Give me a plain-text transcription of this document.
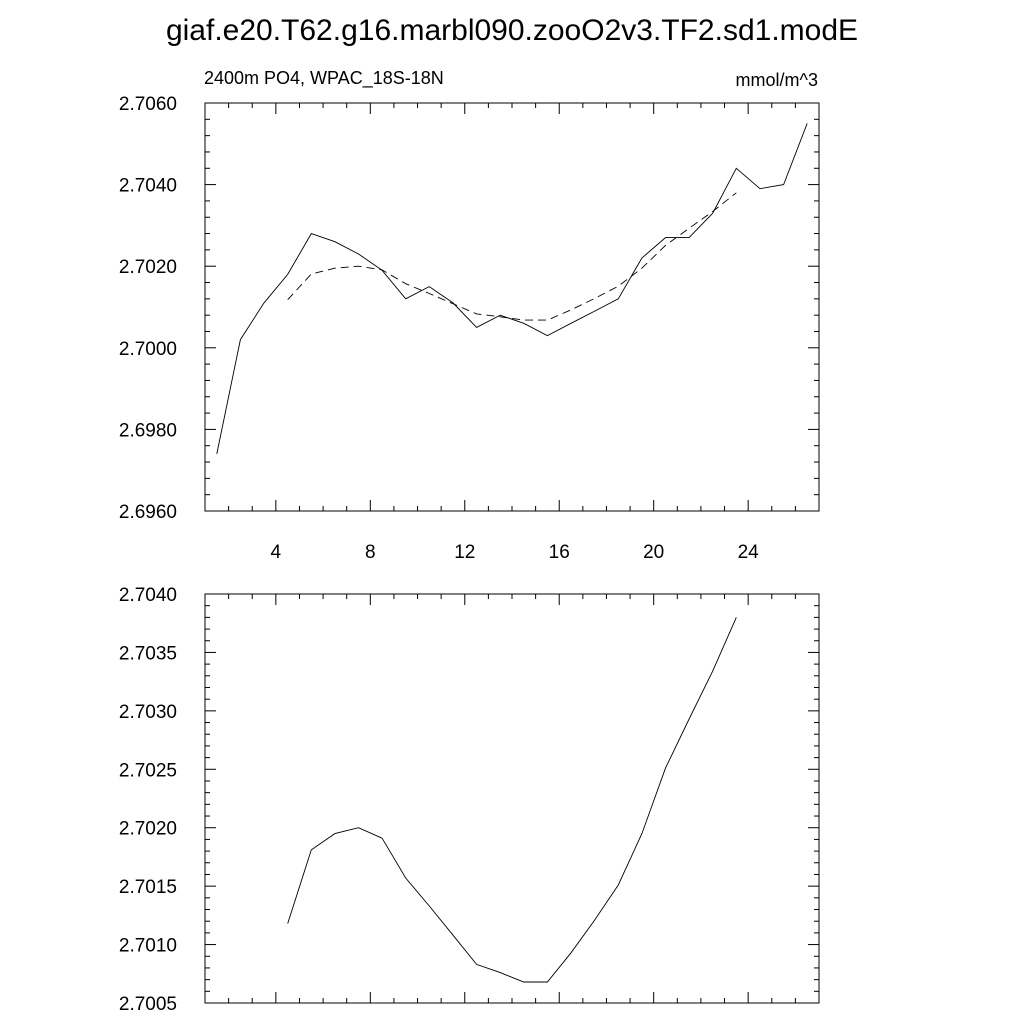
giaf.e20.T62.g16.marbl090.zooO2v3.TF2.sd1.modE
2400m PO4, WPAC_18S-18N	mmol/m^3
4	8	12	16	20	24
2.6960
2.6980
2.7000
2.7020
2.7040
2.7060
2.7005
2.7010
2.7015
2.7020
2.7025
2.7030
2.7035
2.7040
